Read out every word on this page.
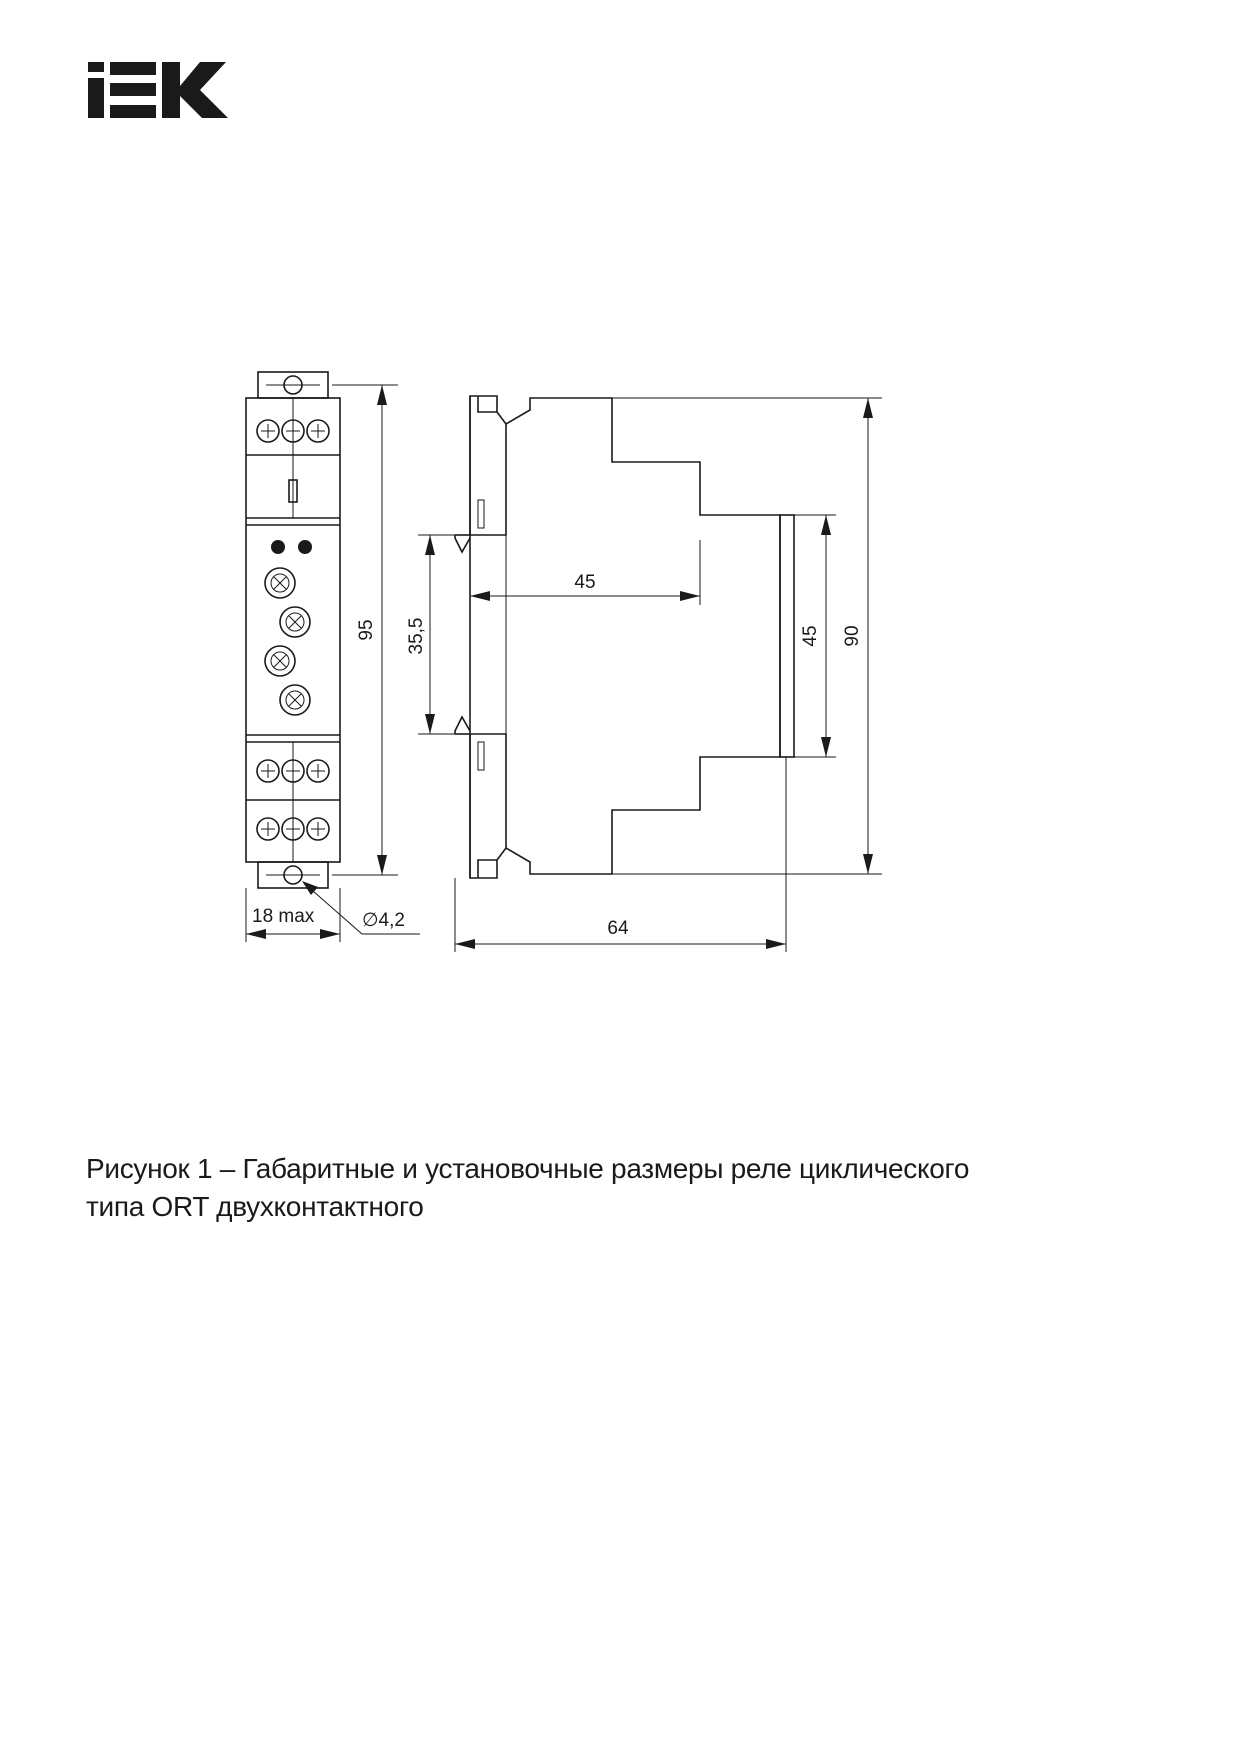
95
18 max	∅4,2
35,5
45
45 90
64
Рисунок 1 – Габаритные и установочные размеры реле циклического
типа ORT двухконтактного
